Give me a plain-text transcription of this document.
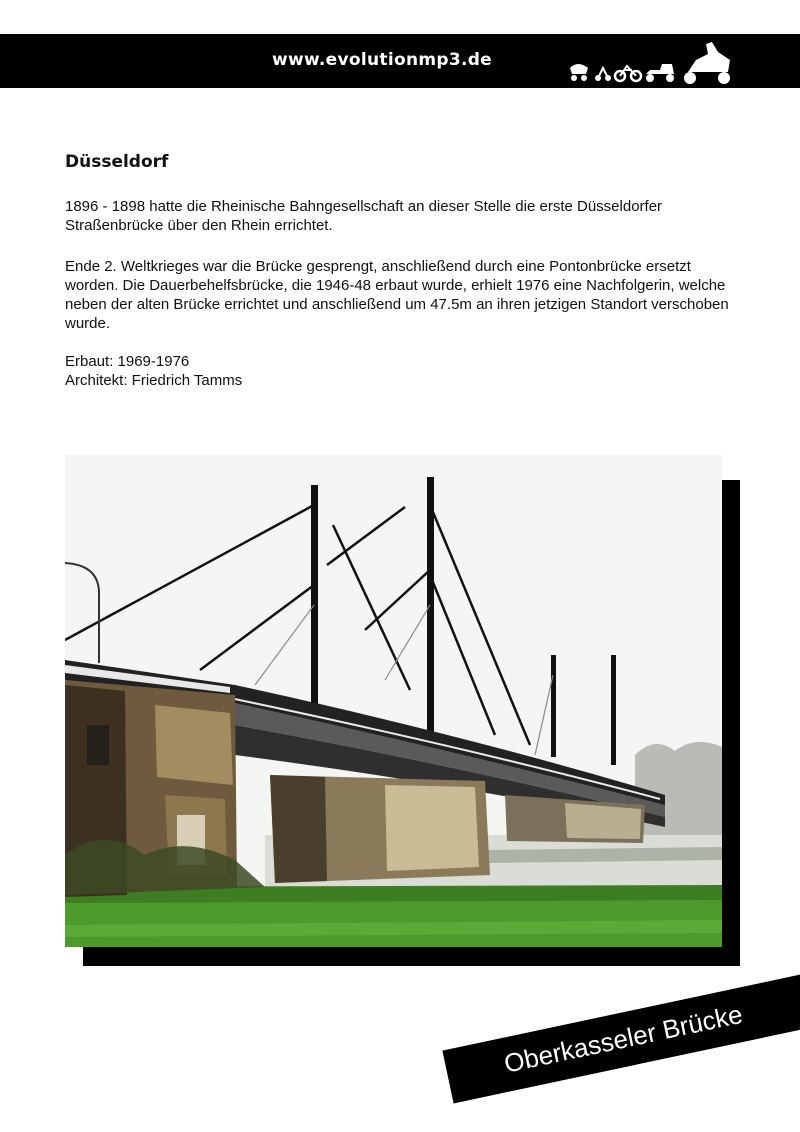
www.evolutionmp3.de
Düsseldorf

1896 - 1898 hatte die Rheinische Bahngesellschaft an dieser Stelle die erste Düsseldorfer Straßenbrücke über den Rhein errichtet.

Ende 2. Weltkrieges war die Brücke gesprengt, anschließend durch eine Pontonbrücke ersetzt worden. Die Dauerbehelfsbrücke, die 1946-48 erbaut wurde, erhielt 1976 eine Nachfolgerin, welche neben der alten Brücke errichtet und anschließend um 47.5m an ihren jetzigen Standort verschoben wurde.

Erbaut: 1969-1976
Architekt: Friedrich Tamms
Oberkasseler Brücke
